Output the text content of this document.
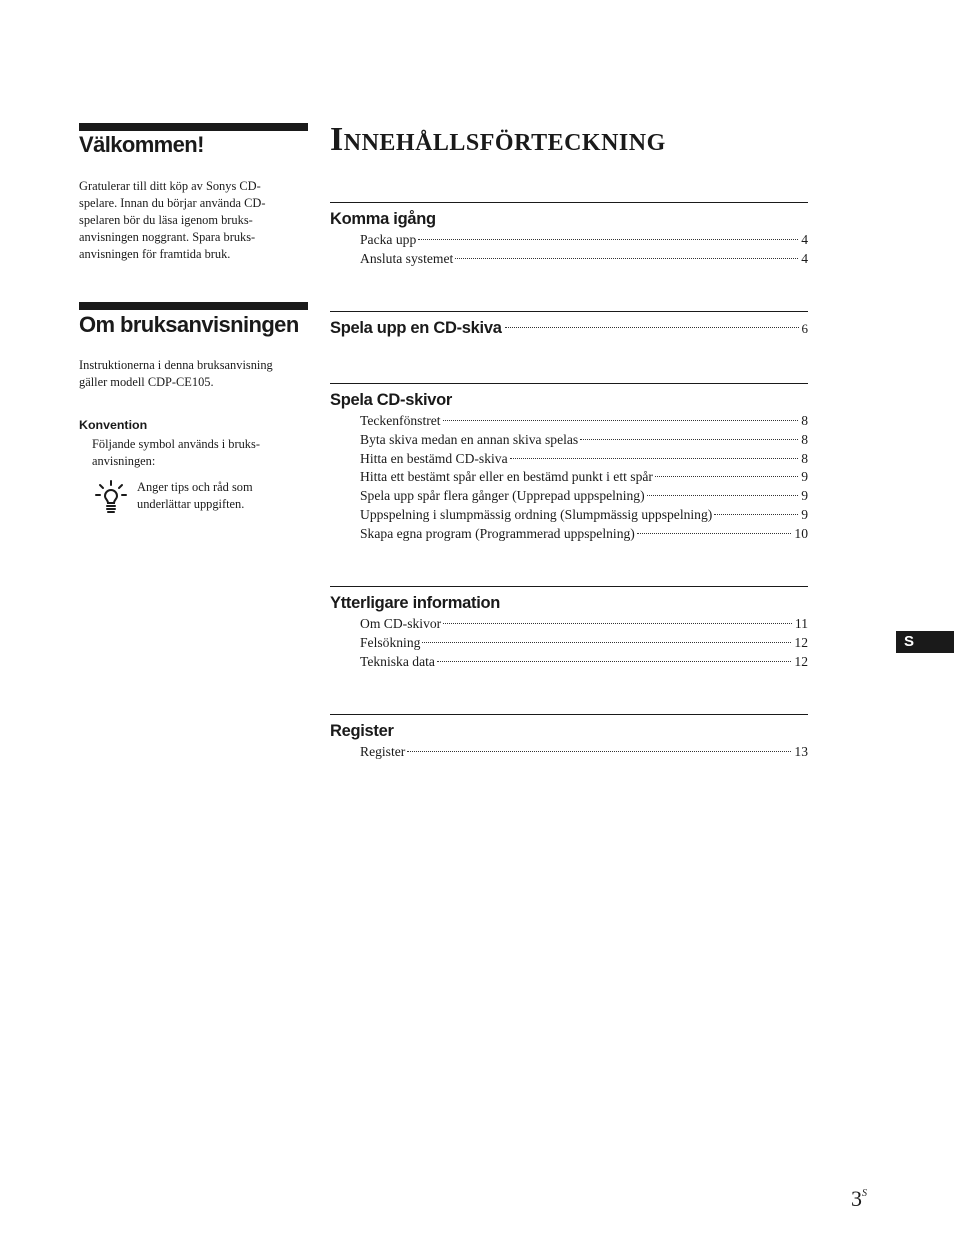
Välkommen!
Gratulerar till ditt köp av Sonys CD-
spelare. Innan du börjar använda CD-
spelaren bör du läsa igenom bruks-
anvisningen noggrant. Spara bruks-
anvisningen för framtida bruk.
Om bruksanvisningen
Instruktionerna i denna bruksanvisning
gäller modell CDP-CE105.
Konvention
Följande symbol används i bruks-
anvisningen:
Anger tips och råd som
underlättar uppgiften.
Innehållsförteckning
Komma igång
Packa upp	4
Ansluta systemet	4
Spela upp en CD-skiva	6
Spela CD-skivor
Teckenfönstret	8
Byta skiva medan en annan skiva spelas	8
Hitta en bestämd CD-skiva	8
Hitta ett bestämt spår eller en bestämd punkt i ett spår	9
Spela upp spår flera gånger (Upprepad uppspelning)	9
Uppspelning i slumpmässig ordning (Slumpmässig uppspelning)	9
Skapa egna program (Programmerad uppspelning)	10
Ytterligare information
Om CD-skivor	11
Felsökning	12
Tekniska data	12
Register
Register	13
S
$3^S$
